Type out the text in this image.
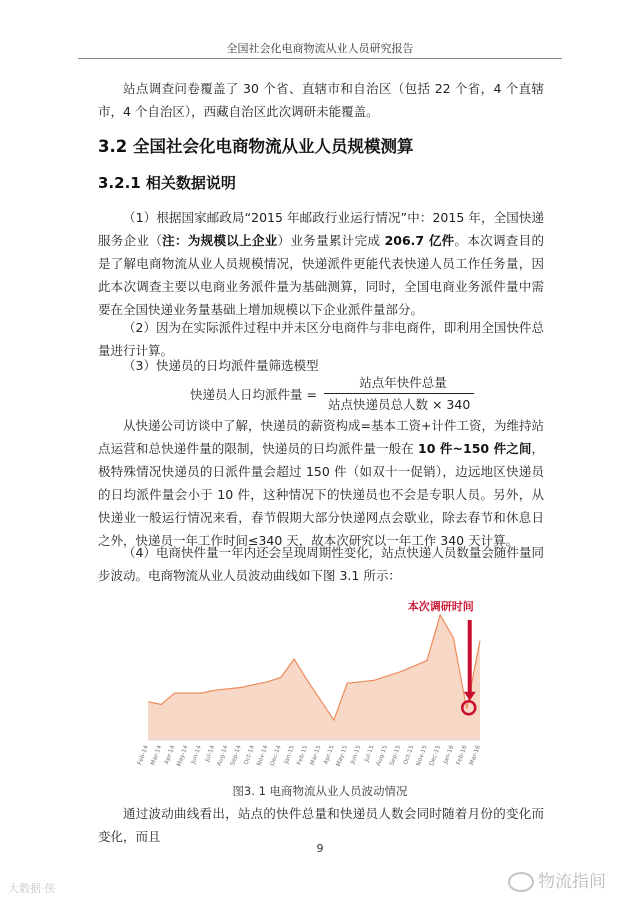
全国社会化电商物流从业人员研究报告
站点调查问卷覆盖了 30 个省、直辖市和自治区（包括 22 个省，4 个直辖市，4 个自治区），西藏自治区此次调研未能覆盖。
3.2 全国社会化电商物流从业人员规模测算
3.2.1 相关数据说明
（1）根据国家邮政局“2015 年邮政行业运行情况”中：2015 年，全国快递服务企业（注：为规模以上企业）业务量累计完成 206.7 亿件。本次调查目的是了解电商物流从业人员规模情况，快递派件更能代表快递人员工作任务量，因此本次调查主要以电商业务派件量为基础测算，同时，全国电商业务派件量中需要在全国快递业务量基础上增加规模以下企业派件量部分。
（2）因为在实际派件过程中并未区分电商件与非电商件，即利用全国快件总量进行计算。
（3）快递员的日均派件量筛选模型
快递员人日均派件量 =
站点年快件总量
站点快递员总人数 × 340
从快递公司访谈中了解，快递员的薪资构成=基本工资+计件工资，为维持站点运营和总快递件量的限制，快递员的日均派件量一般在 10 件~150 件之间，极特殊情况快递员的日派件量会超过 150 件（如双十一促销），边远地区快递员的日均派件量会小于 10 件，这种情况下的快递员也不会是专职人员。另外，从快递业一般运行情况来看，春节假期大部分快递网点会歇业，除去春节和休息日之外，快递员一年工作时间≤340 天，故本次研究以一年工作 340 天计算。
（4）电商快件量一年内还会呈现周期性变化，站点快递人员数量会随件量同步波动。电商物流从业人员波动曲线如下图 3.1 所示：
Feb-14 Mar-14 Apr-14 May-14 Jun-14 Jul-14 Aug-14 Sep-14 Oct-14 Nov-14 Dec-14 Jan-15 Feb-15 Mar-15 Apr-15 May-15 Jun-15 Jul-15 Aug-15 Sep-15 Oct-15 Nov-15 Dec-15 Jan-16 Feb-16 Mar-16
本次调研时间
图3. 1 电商物流从业人员波动情况
通过波动曲线看出，站点的快件总量和快递员人数会同时随着月份的变化而变化，而且
9
大数据·侠	物流指间
